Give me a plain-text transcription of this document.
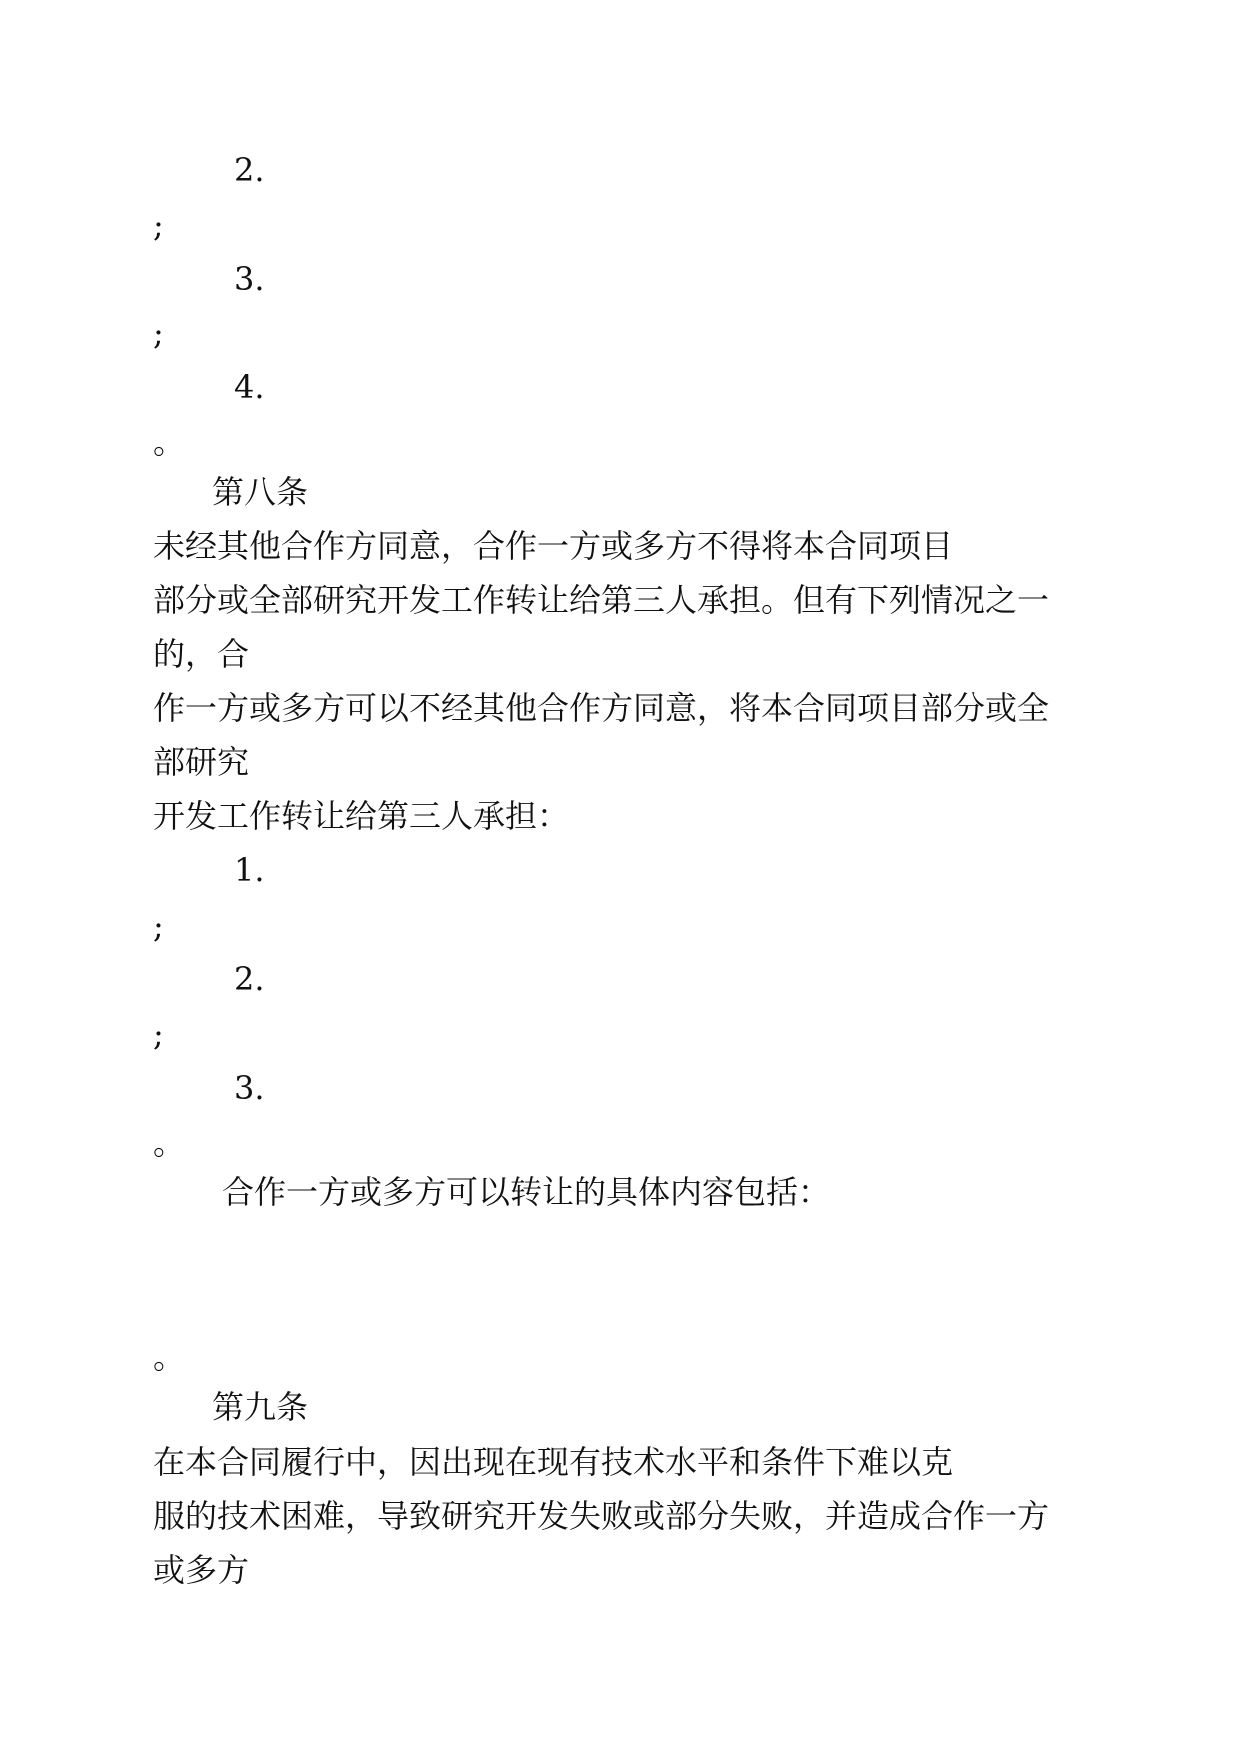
2.
;
3.
;
4.
。
第八条
未经其他合作方同意，合作一方或多方不得将本合同项目
部分或全部研究开发工作转让给第三人承担。但有下列情况之一
的，合
作一方或多方可以不经其他合作方同意，将本合同项目部分或全
部研究
开发工作转让给第三人承担：
1.
;
2.
;
3.
。
合作一方或多方可以转让的具体内容包括：
。
第九条
在本合同履行中，因出现在现有技术水平和条件下难以克
服的技术困难，导致研究开发失败或部分失败，并造成合作一方
或多方
